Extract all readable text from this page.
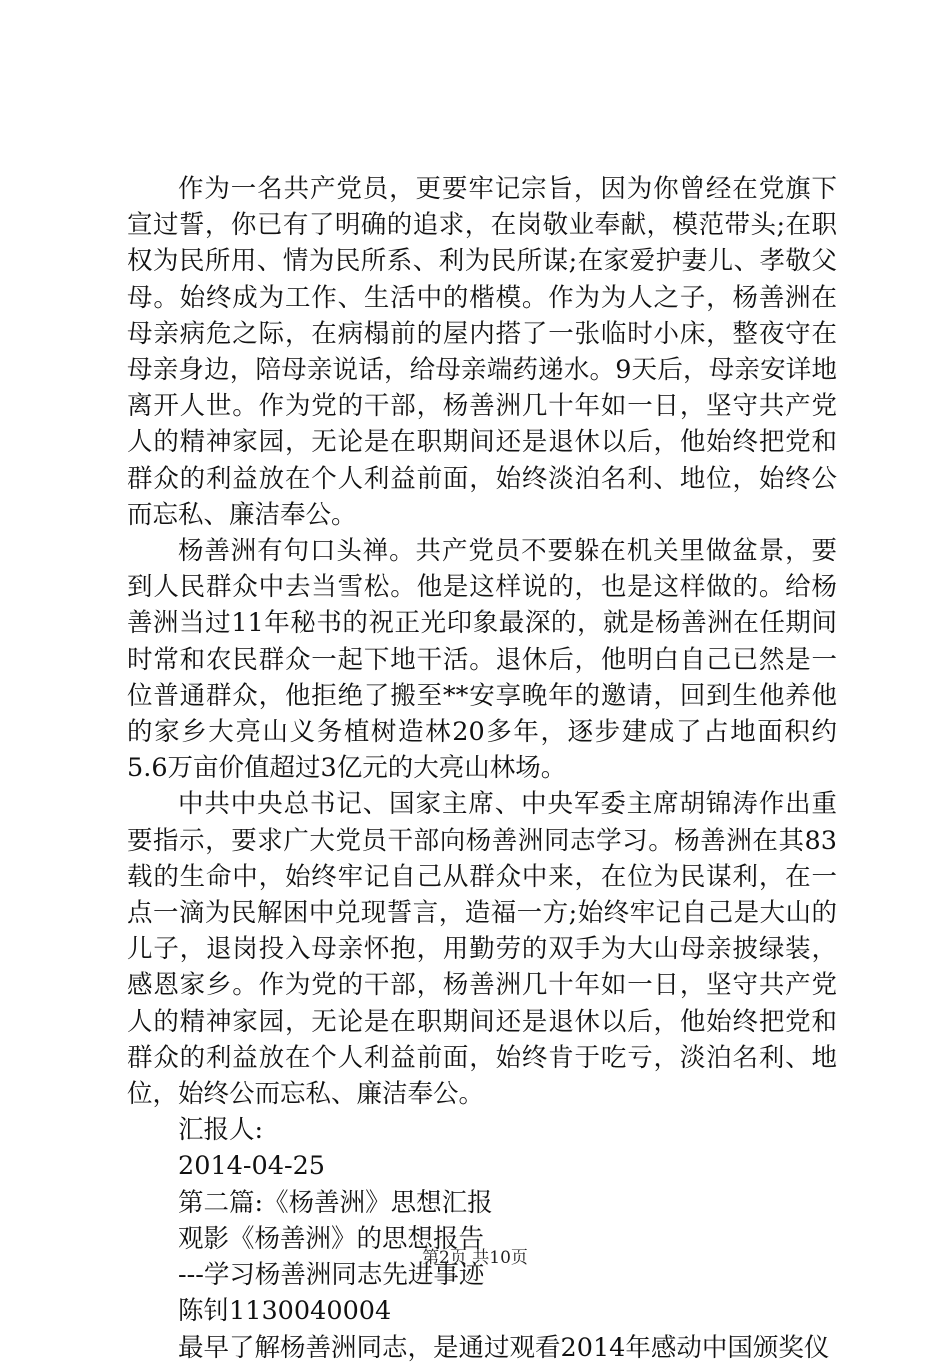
作为一名共产党员，更要牢记宗旨，因为你曾经在党旗下宣过誓，你已有了明确的追求，在岗敬业奉献，模范带头;在职权为民所用、情为民所系、利为民所谋;在家爱护妻儿、孝敬父母。始终成为工作、生活中的楷模。作为为人之子，杨善洲在母亲病危之际，在病榻前的屋内搭了一张临时小床，整夜守在母亲身边，陪母亲说话，给母亲端药递水。9天后，母亲安详地离开人世。作为党的干部，杨善洲几十年如一日，坚守共产党人的精神家园，无论是在职期间还是退休以后，他始终把党和群众的利益放在个人利益前面，始终淡泊名利、地位，始终公而忘私、廉洁奉公。

杨善洲有句口头禅。共产党员不要躲在机关里做盆景，要到人民群众中去当雪松。他是这样说的，也是这样做的。给杨善洲当过11年秘书的祝正光印象最深的，就是杨善洲在任期间时常和农民群众一起下地干活。退休后，他明白自己已然是一位普通群众，他拒绝了搬至**安享晚年的邀请，回到生他养他的家乡大亮山义务植树造林20多年，逐步建成了占地面积约5.6万亩价值超过3亿元的大亮山林场。

中共中央总书记、国家主席、中央军委主席胡锦涛作出重要指示，要求广大党员干部向杨善洲同志学习。杨善洲在其83载的生命中，始终牢记自己从群众中来，在位为民谋利，在一点一滴为民解困中兑现誓言，造福一方;始终牢记自己是大山的儿子，退岗投入母亲怀抱，用勤劳的双手为大山母亲披绿装，感恩家乡。作为党的干部，杨善洲几十年如一日，坚守共产党人的精神家园，无论是在职期间还是退休以后，他始终把党和群众的利益放在个人利益前面，始终肯于吃亏，淡泊名利、地位，始终公而忘私、廉洁奉公。

汇报人:

2014-04-25

第二篇:《杨善洲》思想汇报

观影《杨善洲》的思想报告

---学习杨善洲同志先进事迹

陈钊1130040004

最早了解杨善洲同志，是通过观看2014年感动中国颁奖仪

第2页 共10页
